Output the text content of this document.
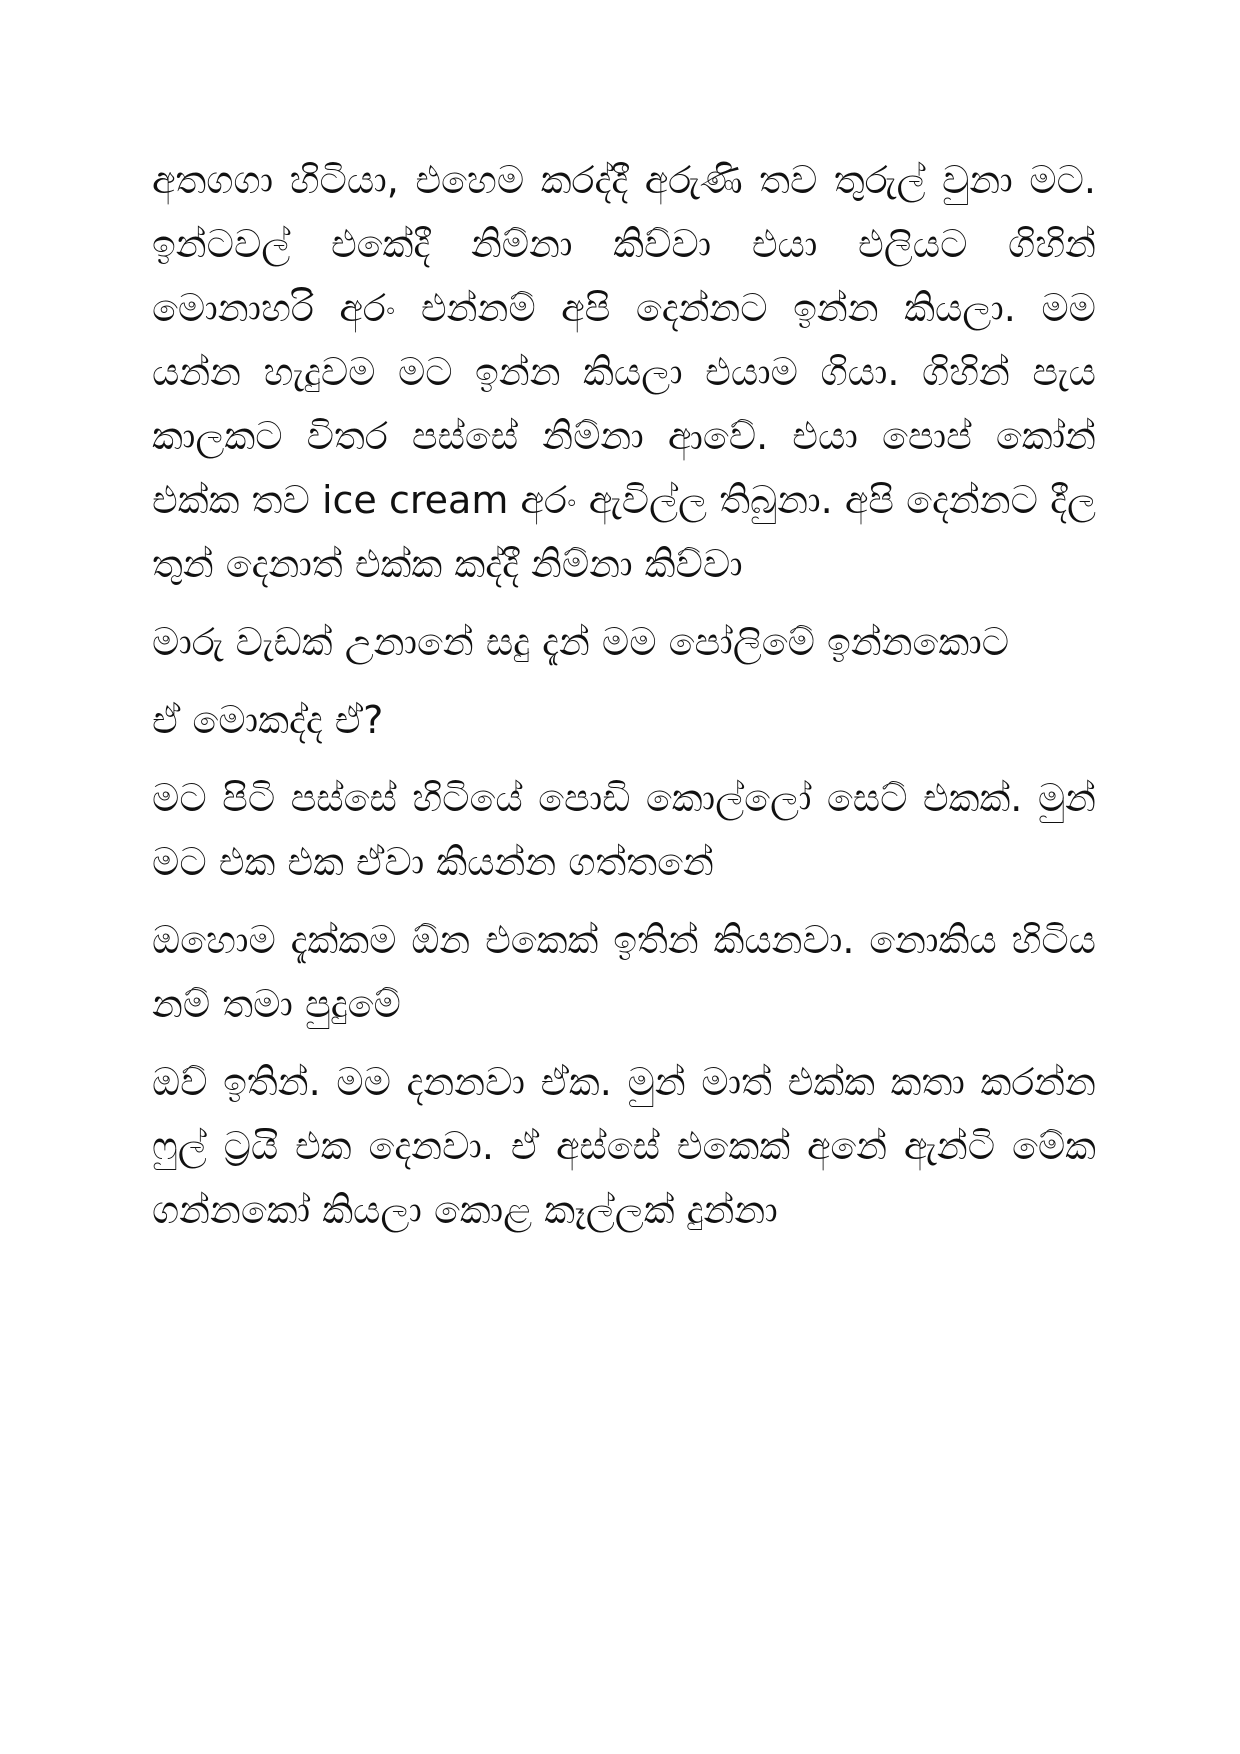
අතගගා හිටියා, එහෙම කරද්දී අරුණි තව තුරුල් වුනා මට. ඉන්ටවල් එකේදී නිම්නා කිව්වා එයා එලියට ගිහින් මොනාහරි අරං එන්නම් අපි දෙන්නට ඉන්න කියලා. මම යන්න හැදුවම මට ඉන්න කියලා එයාම ගියා. ගිහින් පැය කාලකට විතර පස්සේ නිම්නා ආවේ. එයා පොප් කෝන් එක්ක තව ice cream අරං ඇවිල්ල තිබුනා. අපි දෙන්නට දීල තුන් දෙනාත් එක්ක කද්දී නිම්නා කිව්වා

මාරු වැඩක් උනානේ සදු දැන් මම පෝලිමේ ඉන්නකොට

ඒ මොකද්ද ඒ?

මට පිටි පස්සේ හිටියේ පොඩි කොල්ලෝ සෙට් එකක්. මුන් මට එක එක ඒවා කියන්න ගත්තනේ

ඔහොම දැක්කම ඕන එකෙක් ඉතින් කියනවා. නොකිය හිටිය නම් තමා පුදුමේ

ඔව් ඉතින්. මම දනනවා ඒක. මුන් මාත් එක්ක කතා කරන්න ෆුල් ට්‍රයි එක දෙනවා. ඒ අස්සේ එකෙක් අනේ ඇන්ටි මේක ගන්නකෝ කියලා කොළ කෑල්ලක් දුන්නා
